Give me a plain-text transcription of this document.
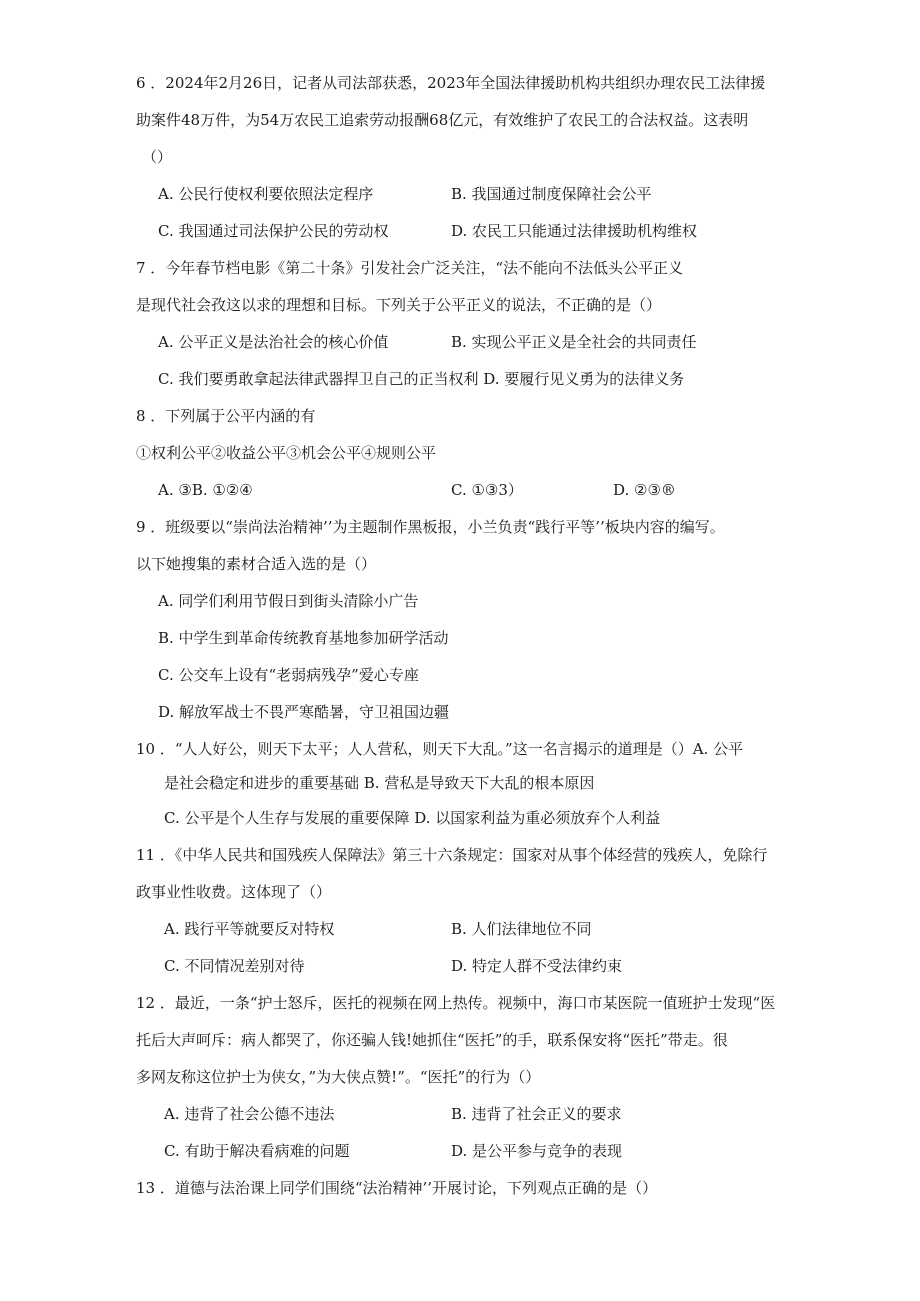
6 ．2024年2月26日，记者从司法部获悉，2023年全国法律援助机构共组织办理农民工法律援
助案件48万件，为54万农民工追索劳动报酬68亿元，有效维护了农民工的合法权益。这表明
（）
A. 公民行使权利要依照法定程序	B. 我国通过制度保障社会公平
C. 我国通过司法保护公民的劳动权	D. 农民工只能通过法律援助机构维权
7 ．今年春节档电影《第二十条》引发社会广泛关注，“法不能向不法低头公平正义
是现代社会孜这以求的理想和目标。下列关于公平正义的说法，不正确的是（）
A. 公平正义是法治社会的核心价值	B. 实现公平正义是全社会的共同责任
C. 我们要勇敢拿起法律武器捍卫自己的正当权利 D. 要履行见义勇为的法律义务
8 ．下列属于公平内涵的有
①权利公平②收益公平③机会公平④规则公平
A. ③B. ①②④	C. ①③3）	D. ②③®
9 ．班级要以“崇尚法治精神’’为主题制作黑板报，小兰负责“践行平等’’板块内容的编写。
以下她搜集的素材合适入选的是（）
A. 同学们利用节假日到街头清除小广告
B. 中学生到革命传统教育基地参加研学活动
C. 公交车上设有“老弱病残孕”爱心专座
D. 解放军战士不畏严寒酷暑，守卫祖国边疆
10 ．“人人好公，则天下太平；人人营私，则天下大乱。”这一名言揭示的道理是（）A. 公平
是社会稳定和进步的重要基础 B. 营私是导致天下大乱的根本原因
C. 公平是个人生存与发展的重要保障 D. 以国家利益为重必须放弃个人利益
11 ．《中华人民共和国残疾人保障法》第三十六条规定：国家对从事个体经营的残疾人，免除行
政事业性收费。这体现了（）
A. 践行平等就要反对特权	B. 人们法律地位不同
C. 不同情况差别对待	D. 特定人群不受法律约束
12 ．最近，一条“护士怒斥，医托的视频在网上热传。视频中，海口市某医院一值班护士发现“医
托后大声呵斥：病人都哭了，你还骗人钱!她抓住“医托”的手，联系保安将“医托”带走。很
多网友称这位护士为侠女，”为大侠点赞!”。“医托”的行为（）
A. 违背了社会公德不违法	B. 违背了社会正义的要求
C. 有助于解决看病难的问题	D. 是公平参与竞争的表现
13 ．道德与法治课上同学们围绕“法治精神’’开展讨论，下列观点正确的是（）
